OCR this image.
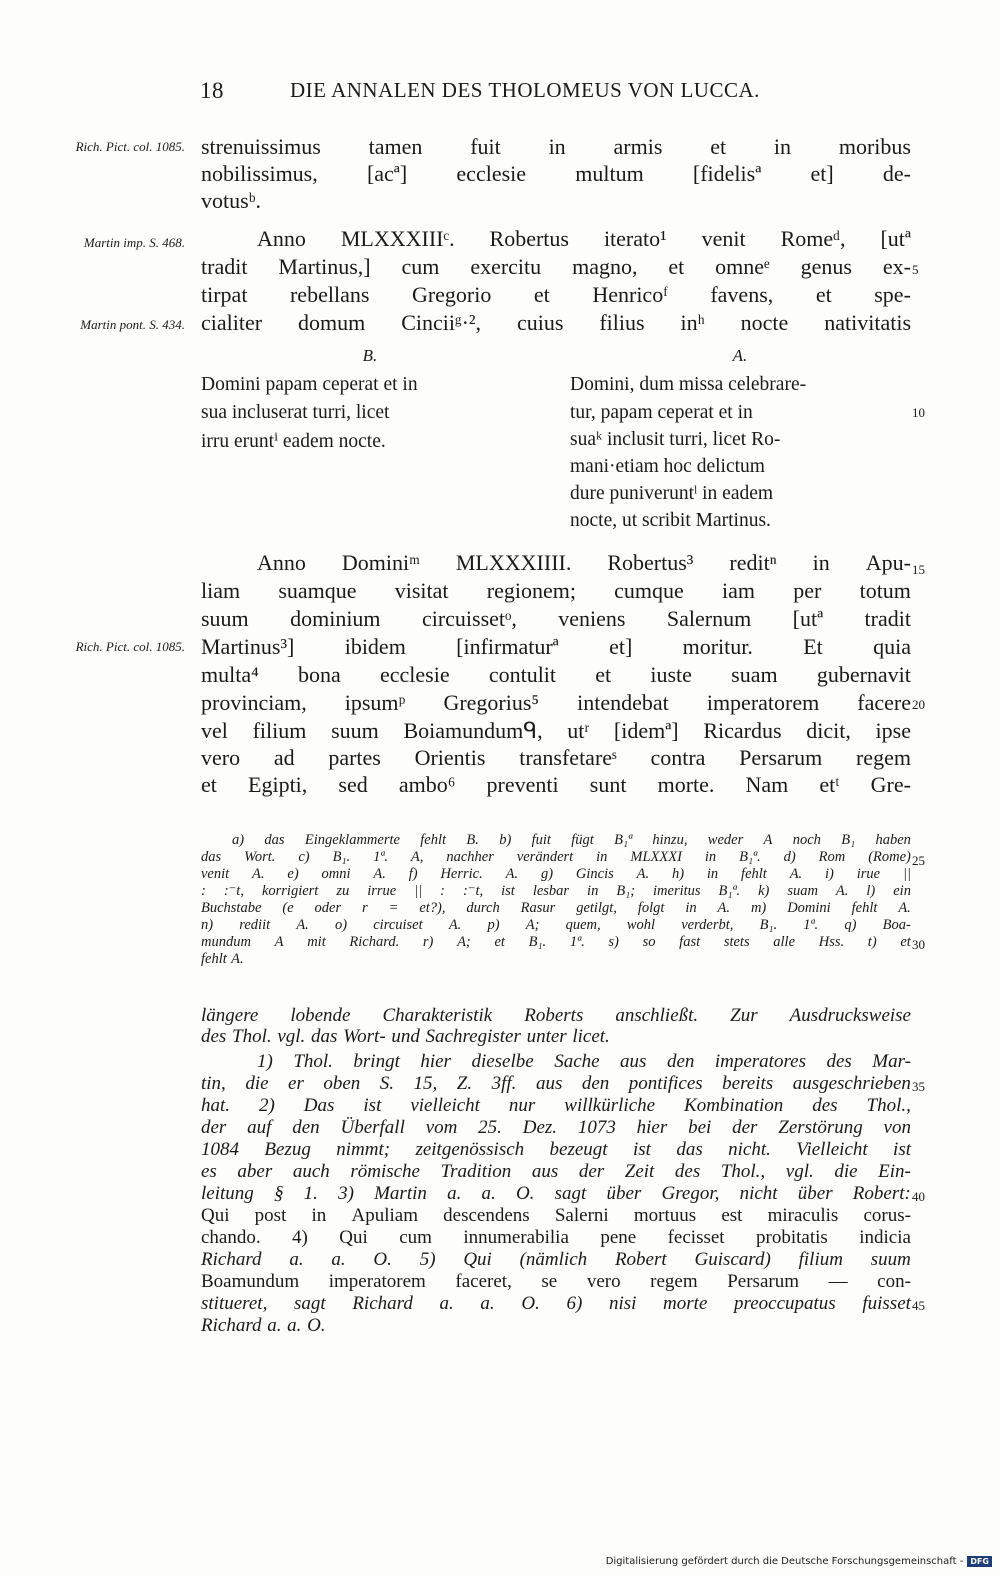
18	DIE ANNALEN DES THOLOMEUS VON LUCCA.
Rich. Pict. col. 1085.
Martin imp. S. 468.
Martin pont. S. 434.
Rich. Pict. col. 1085.
5
10
15
20
25
30
35
40
45
strenuissimus tamen fuit in armis et in moribus
nobilissimus, [acª] ecclesie multum [fidelisª et] de-
votusᵇ.
Anno MLXXXIIIᶜ. Robertus iterato¹ venit Romeᵈ, [utª
tradit Martinus,] cum exercitu magno, et omneᵉ genus ex-
tirpat rebellans Gregorio et Henricoᶠ favens, et spe-
cialiter domum Cinciiᵍ·², cuius filius inʰ nocte nativitatis
B.	A.
Domini papam ceperat et in
sua incluserat turri, licet
irru eruntⁱ eadem nocte.
Domini, dum missa celebrare-
tur, papam ceperat et in
suaᵏ inclusit turri, licet Ro-
mani·etiam hoc delictum
dure puniveruntˡ in eadem
nocte, ut scribit Martinus.
Anno Dominiᵐ MLXXXIIII. Robertus³ reditⁿ in Apu-
liam suamque visitat regionem; cumque iam per totum
suum dominium circuissetᵒ, veniens Salernum [utª tradit
Martinus³] ibidem [infirmaturª et] moritur. Et quia
multa⁴ bona ecclesie contulit et iuste suam gubernavit
provinciam, ipsumᵖ Gregorius⁵ intendebat imperatorem facere
vel filium suum Boiamundumᑫ, utʳ [idemª] Ricardus dicit, ipse
vero ad partes Orientis transfetareˢ contra Persarum regem
et Egipti, sed ambo⁶ preventi sunt morte. Nam etᵗ Gre-
a) das Eingeklammerte fehlt B. b) fuit fügt B₁ª hinzu, weder A noch B₁ haben
das Wort. c) B₁. 1ª. A, nachher verändert in MLXXXI in B₁ª. d) Rom (Rome)
venit A. e) omni A. f) Herric. A. g) Gincis A. h) in fehlt A. i) irue ||
: :⁻t, korrigiert zu irrue || : :⁻t, ist lesbar in B₁; imeritus B₁ª. k) suam A. l) ein
Buchstabe (e oder r = et?), durch Rasur getilgt, folgt in A. m) Domini fehlt A.
n) rediit A. o) circuiset A. p) A; quem, wohl verderbt, B₁. 1ª. q) Boa-
mundum A mit Richard. r) A; et B₁. 1ª. s) so fast stets alle Hss. t) et
fehlt A.
längere lobende Charakteristik Roberts anschließt. Zur Ausdrucksweise
des Thol. vgl. das Wort- und Sachregister unter licet.
1) Thol. bringt hier dieselbe Sache aus den imperatores des Mar-
tin, die er oben S. 15, Z. 3ff. aus den pontifices bereits ausgeschrieben
hat. 2) Das ist vielleicht nur willkürliche Kombination des Thol.,
der auf den Überfall vom 25. Dez. 1073 hier bei der Zerstörung von
1084 Bezug nimmt; zeitgenössisch bezeugt ist das nicht. Vielleicht ist
es aber auch römische Tradition aus der Zeit des Thol., vgl. die Ein-
leitung § 1. 3) Martin a. a. O. sagt über Gregor, nicht über Robert:
Qui post in Apuliam descendens Salerni mortuus est miraculis corus-
chando. 4) Qui cum innumerabilia pene fecisset probitatis indicia
Richard a. a. O. 5) Qui (nämlich Robert Guiscard) filium suum
Boamundum imperatorem faceret, se vero regem Persarum — con-
stitueret, sagt Richard a. a. O. 6) nisi morte preoccupatus fuisset
Richard a. a. O.
Digitalisierung gefördert durch die Deutsche Forschungsgemeinschaft - DFG
